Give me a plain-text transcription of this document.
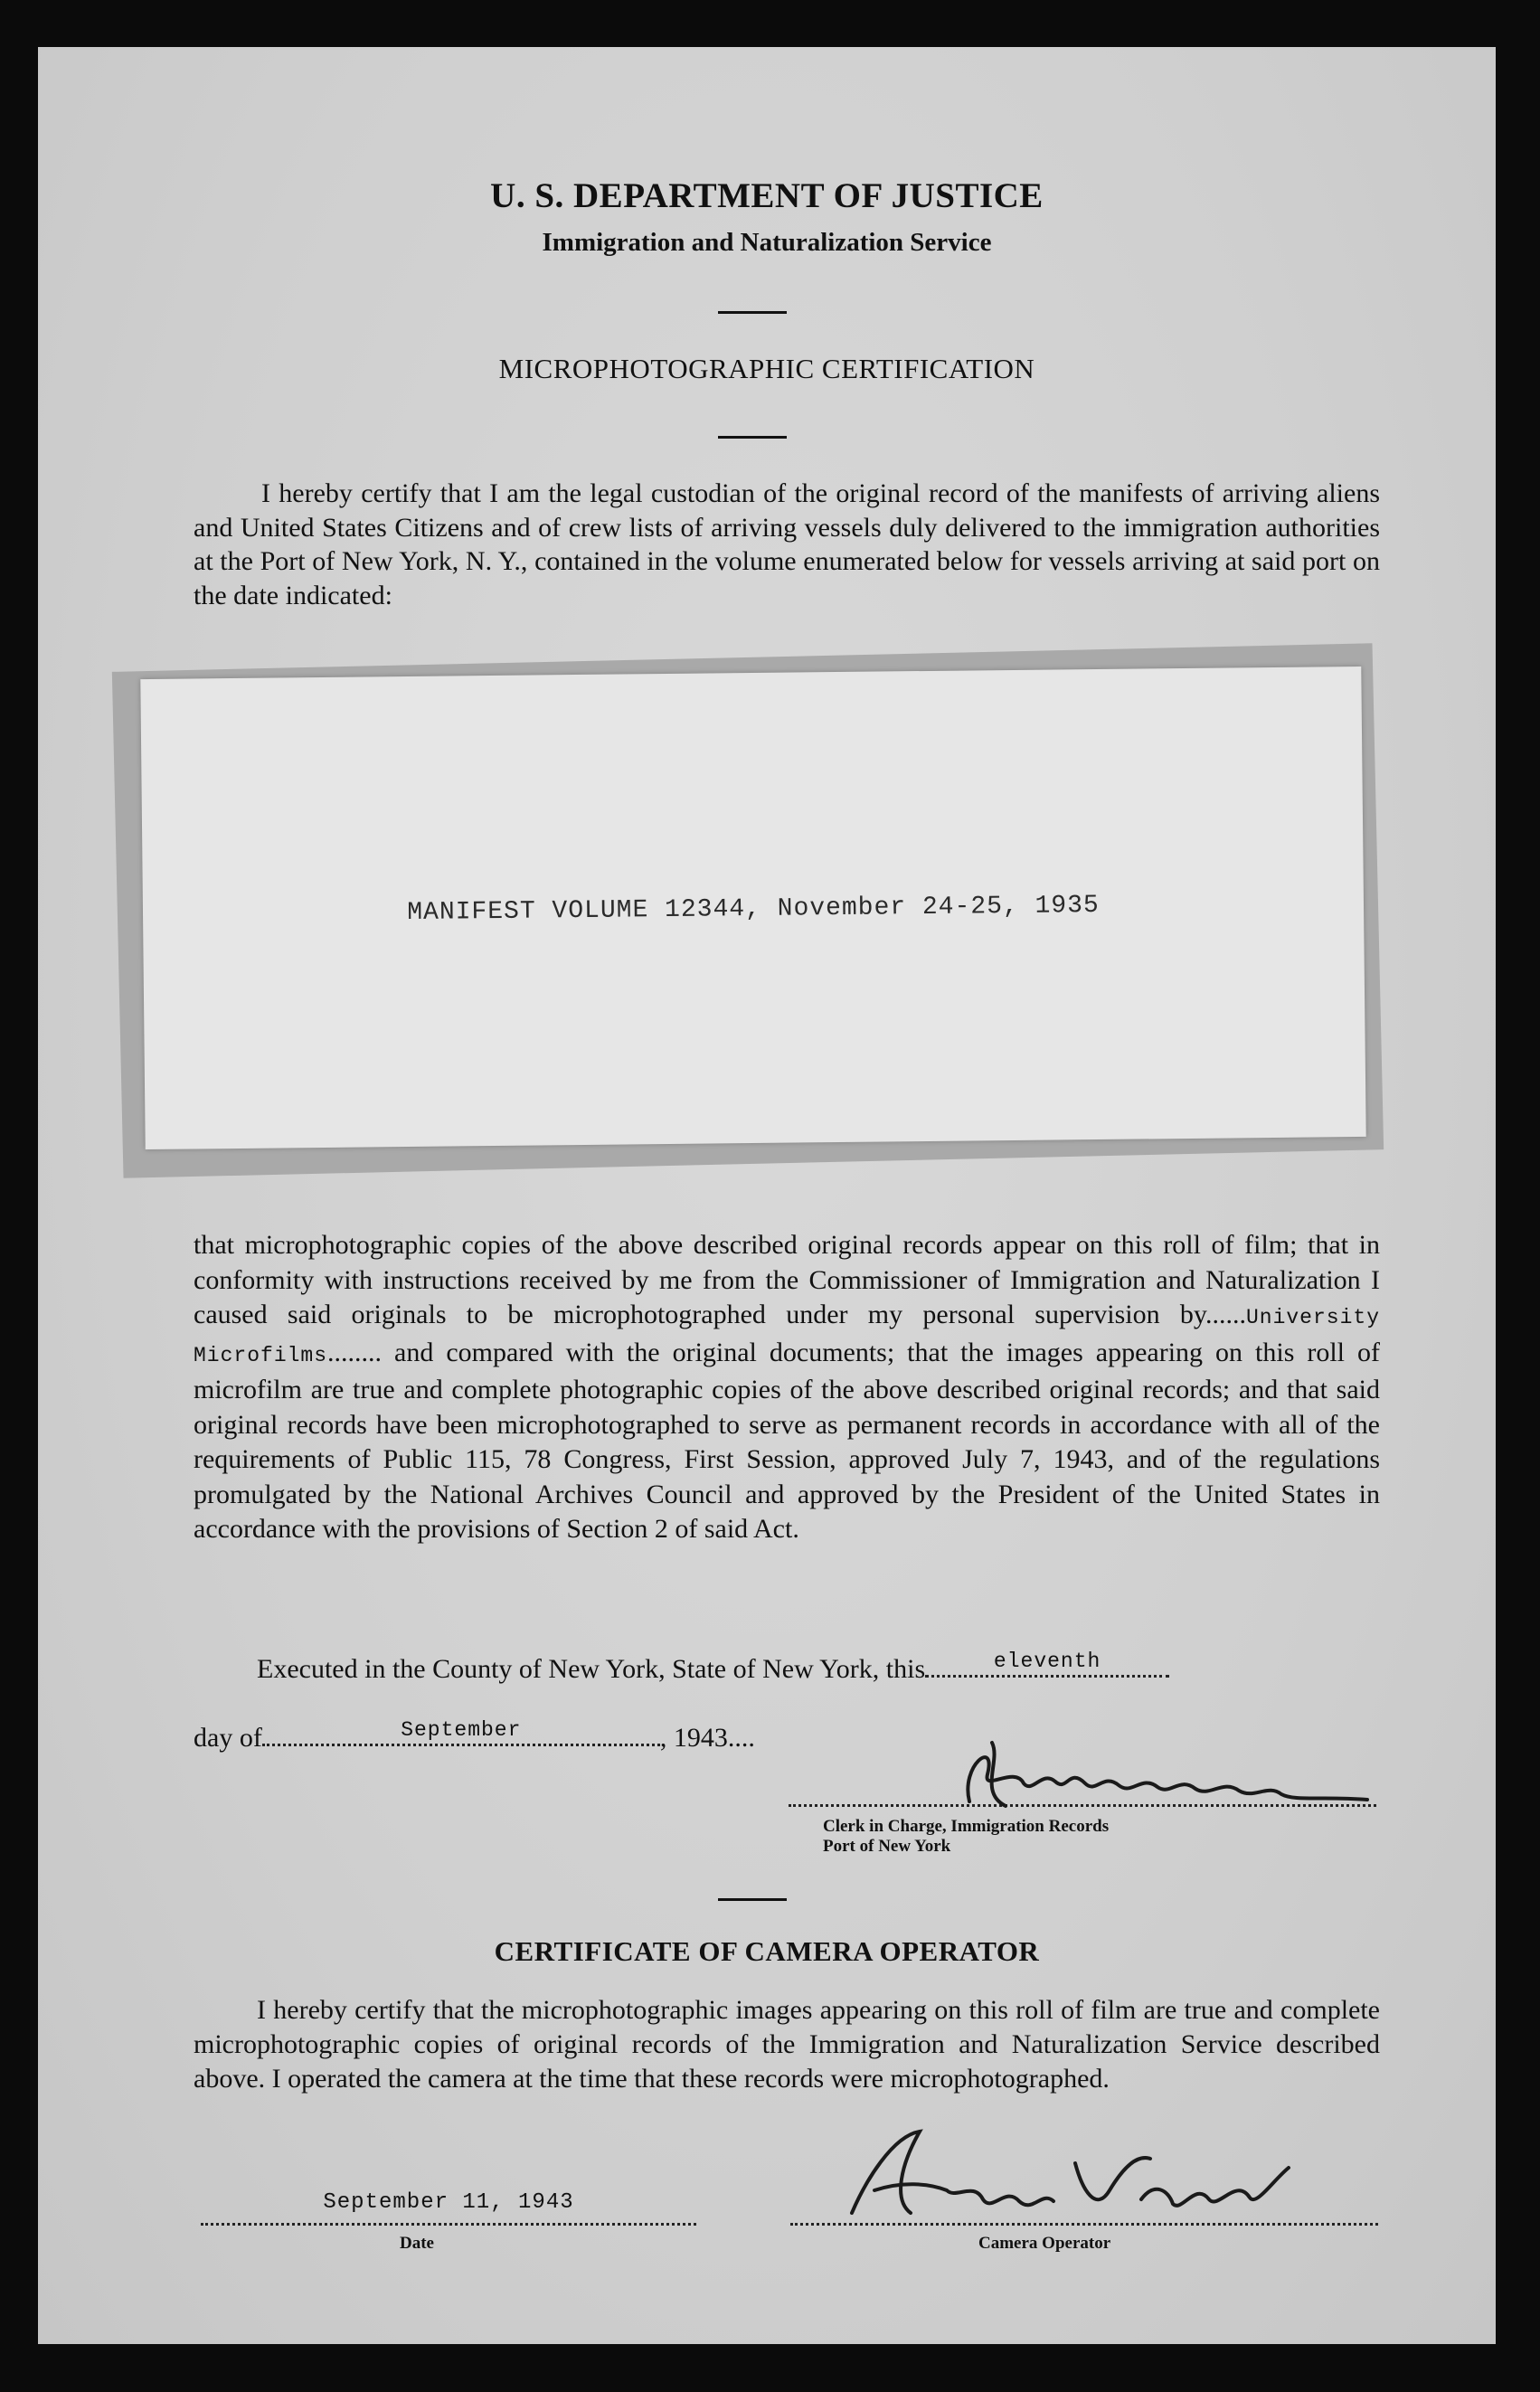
U. S. DEPARTMENT OF JUSTICE
Immigration and Naturalization Service
MICROPHOTOGRAPHIC CERTIFICATION
I hereby certify that I am the legal custodian of the original record of the manifests of arriving aliens and United States Citizens and of crew lists of arriving vessels duly delivered to the immigration authorities at the Port of New York, N. Y., contained in the volume enumerated below for vessels arriving at said port on the date indicated:
MANIFEST VOLUME 12344, November 24-25, 1935
that microphotographic copies of the above described original records appear on this roll of film; that in conformity with instructions received by me from the Commissioner of Immigration and Naturalization I caused said originals to be microphotographed under my personal supervision by......University Microfilms........ and compared with the original documents; that the images appearing on this roll of microfilm are true and complete photographic copies of the above described original records; and that said original records have been microphotographed to serve as permanent records in accordance with all of the requirements of Public 115, 78 Congress, First Session, approved July 7, 1943, and of the regulations promulgated by the National Archives Council and approved by the President of the United States in accordance with the provisions of Section 2 of said Act.
Executed in the County of New York, State of New York, this	eleventh
day of	September	, 1943....
Clerk in Charge, Immigration Records
Port of New York
CERTIFICATE OF CAMERA OPERATOR
I hereby certify that the microphotographic images appearing on this roll of film are true and complete microphotographic copies of original records of the Immigration and Naturalization Service described above. I operated the camera at the time that these records were microphotographed.
September 11, 1943
Date	Camera Operator
